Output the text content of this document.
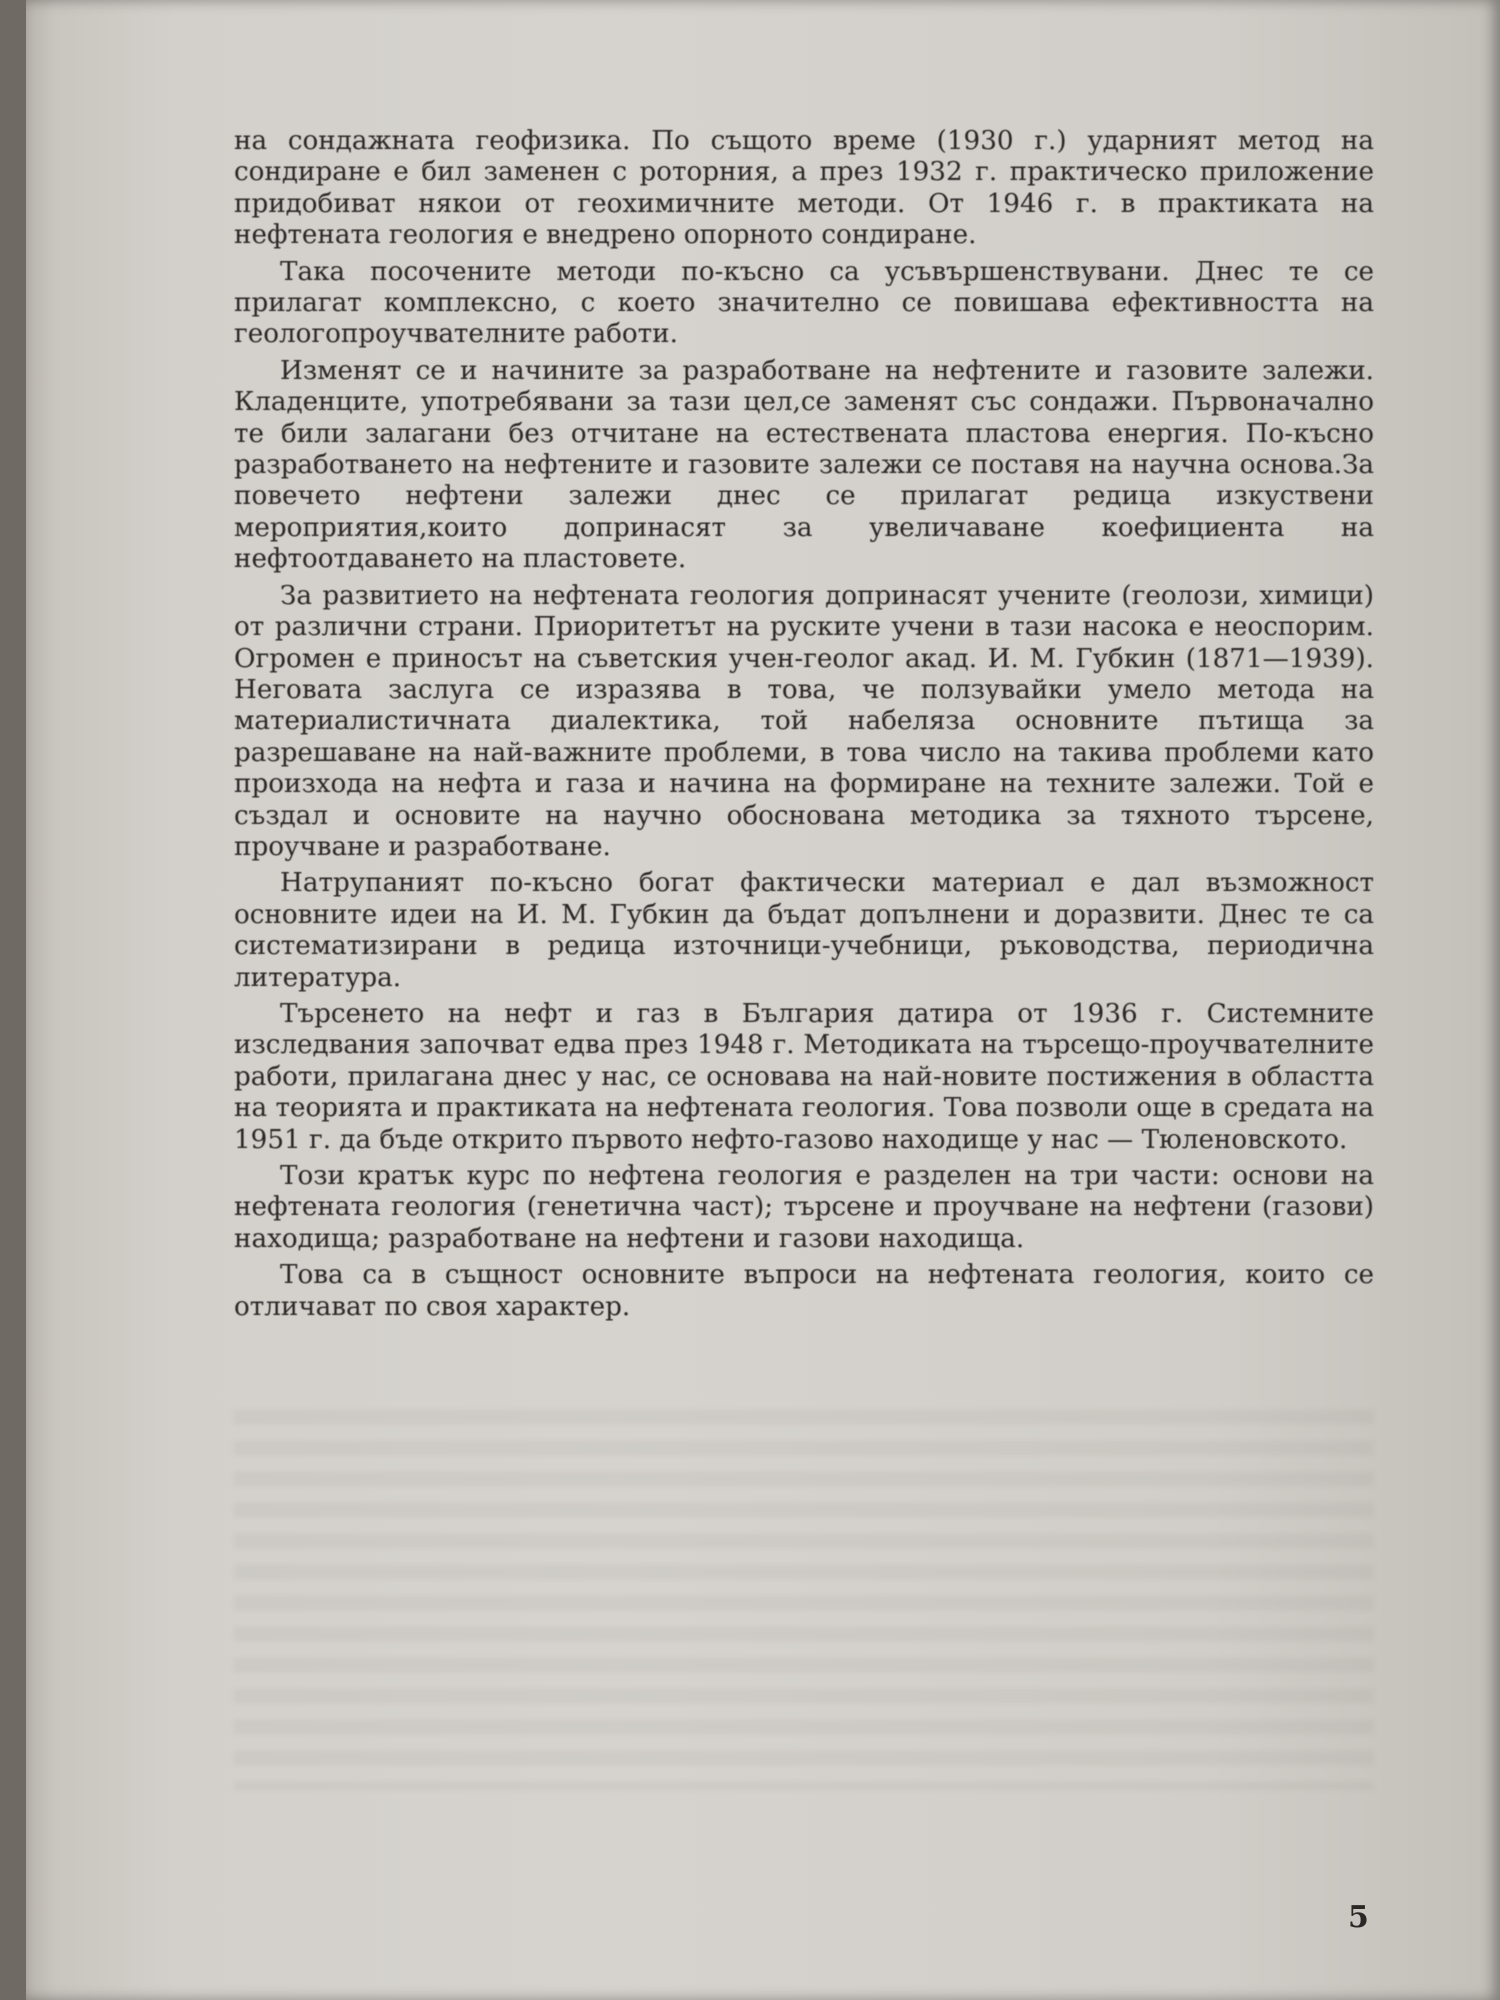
на сондажната геофизика. По същото време (1930 г.) ударният метод на сондиране е бил заменен с роторния, а през 1932 г. практическо приложение придобиват някои от геохимичните методи. От 1946 г. в практиката на нефтената геология е внедрено опорното сондиране.

Така посочените методи по-късно са усъвършенствувани. Днес те се прилагат комплексно, с което значително се повишава ефективността на геологопроучвателните работи.

Изменят се и начините за разработване на нефтените и газовите залежи. Кладенците, употребявани за тази цел,се заменят със сондажи. Първоначално те били залагани без отчитане на естествената пластова енергия. По-късно разработването на нефтените и газовите залежи се поставя на научна основа.За повечето нефтени залежи днес се прилагат редица изкуствени мероприятия,които допринасят за увеличаване коефициента на нефтоотдаването на пластовете.

За развитието на нефтената геология допринасят учените (геолози, химици) от различни страни. Приоритетът на руските учени в тази насока е неоспорим. Огромен е приносът на съветския учен-геолог акад. И. М. Губкин (1871—1939). Неговата заслуга се изразява в това, че ползувайки умело метода на материалистичната диалектика, той набеляза основните пътища за разрешаване на най-важните проблеми, в това число на такива проблеми като произхода на нефта и газа и начина на формиране на техните залежи. Той е създал и основите на научно обоснована методика за тяхното търсене, проучване и разработване.

Натрупаният по-късно богат фактически материал е дал възможност основните идеи на И. М. Губкин да бъдат допълнени и доразвити. Днес те са систематизирани в редица източници-учебници, ръководства, периодична литература.

Търсенето на нефт и газ в България датира от 1936 г. Системните изследвания започват едва през 1948 г. Методиката на търсещо-проучвателните работи, прилагана днес у нас, се основава на най-новите постижения в областта на теорията и практиката на нефтената геология. Това позволи още в средата на 1951 г. да бъде открито първото нефто-газово находище у нас — Тюленовското.

Този кратък курс по нефтена геология е разделен на три части: основи на нефтената геология (генетична част); търсене и проучване на нефтени (газови) находища; разработване на нефтени и газови находища.

Това са в същност основните въпроси на нефтената геология, които се отличават по своя характер.

5
